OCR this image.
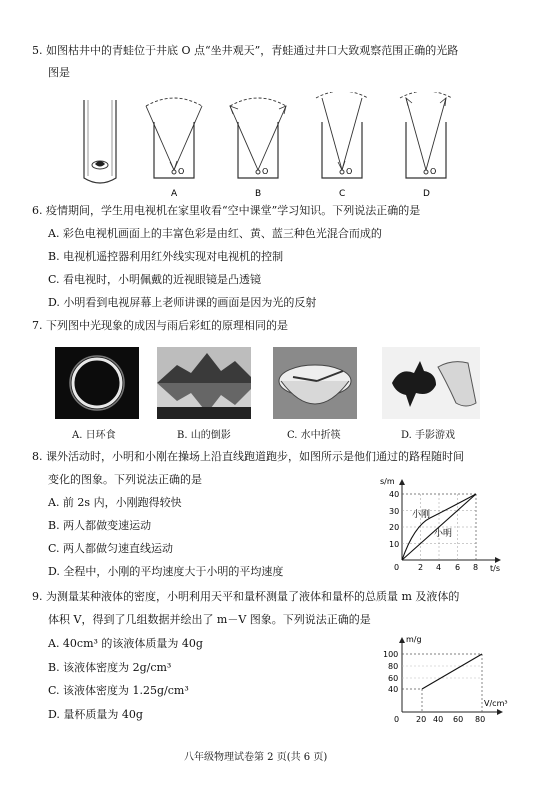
5. 如图枯井中的青蛙位于井底 O 点“坐井观天”，青蛙通过井口大致观察范围正确的光路
图是
O	O	O	O
A	B	C	D
6. 疫情期间，学生用电视机在家里收看“空中课堂”学习知识。下列说法正确的是
A. 彩色电视机画面上的丰富色彩是由红、黄、蓝三种色光混合而成的
B. 电视机遥控器利用红外线实现对电视机的控制
C. 看电视时，小明佩戴的近视眼镜是凸透镜
D. 小明看到电视屏幕上老师讲课的画面是因为光的反射
7. 下列图中光现象的成因与雨后彩虹的原理相同的是
A. 日环食	B. 山的倒影	C. 水中折筷	D. 手影游戏
8. 课外活动时，小明和小刚在操场上沿直线跑道跑步，如图所示是他们通过的路程随时间
变化的图象。下列说法正确的是
A. 前 2s 内，小刚跑得较快
B. 两人都做变速运动
C. 两人都做匀速直线运动
D. 全程中，小刚的平均速度大于小明的平均速度
s/m
t/s
0
10
20
30
40
2 4 6 8
小刚
小明
9. 为测量某种液体的密度，小明利用天平和量杯测量了液体和量杯的总质量 m 及液体的
体积 V，得到了几组数据并绘出了 m－V 图象。下列说法正确的是
A. 40cm³ 的该液体质量为 40g
B. 该液体密度为 2g/cm³
C. 该液体密度为 1.25g/cm³
D. 量杯质量为 40g
m/g
V/cm³
0
40
60
80
100
20 40 60 80
八年级物理试卷第 2 页(共 6 页)
